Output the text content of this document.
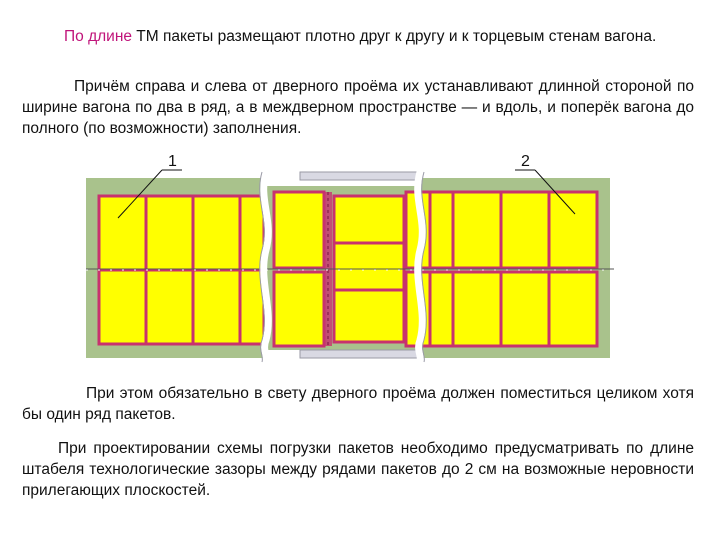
По длине ТМ пакеты размещают плотно друг к другу и к торцевым стенам вагона.

Причём справа и слева от дверного проёма их устанавливают длинной стороной по ширине вагона по два в ряд, а в междверном пространстве — и вдоль, и поперёк вагона до полного (по возможности) заполнения.

1	2

При этом обязательно в свету дверного проёма должен поместиться целиком хотя бы один ряд пакетов.

При проектировании схемы погрузки пакетов необходимо предусматривать по длине штабеля технологические зазоры между рядами пакетов до 2 см на возможные неровности прилегающих плоскостей.
